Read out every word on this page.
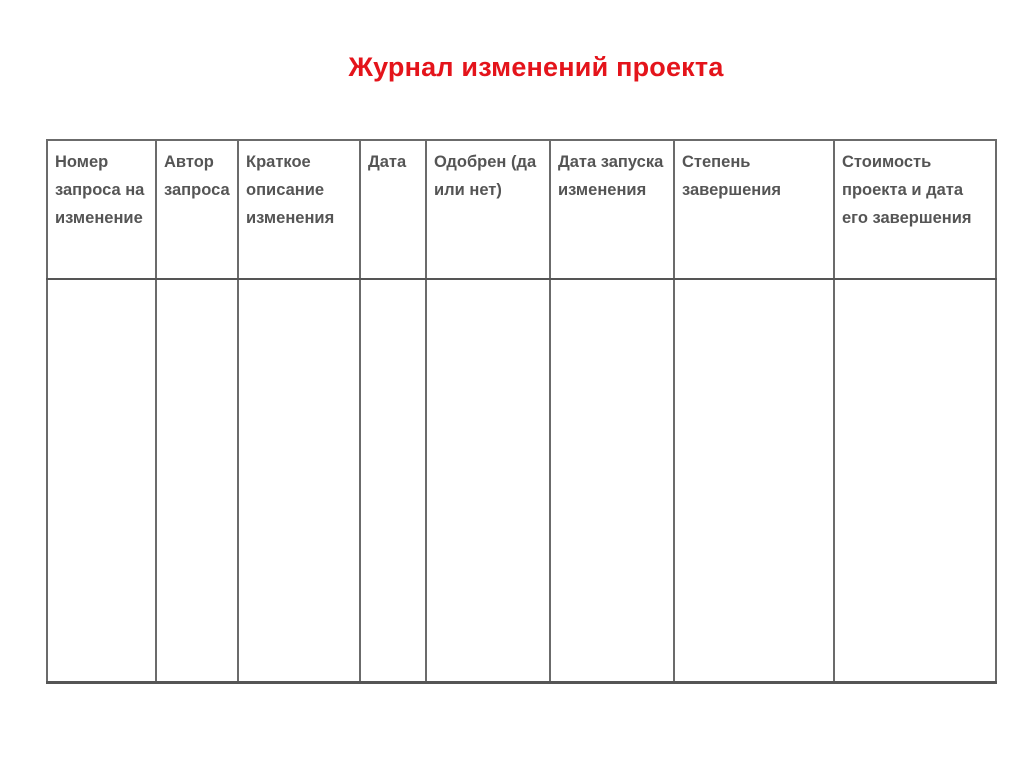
Журнал изменений проекта
Номер запроса на изменение	Автор запроса	Краткое описание изменения	Дата	Одобрен (да или нет)	Дата запуска изменения	Степень завершения	Стоимость проекта и дата его завершения
